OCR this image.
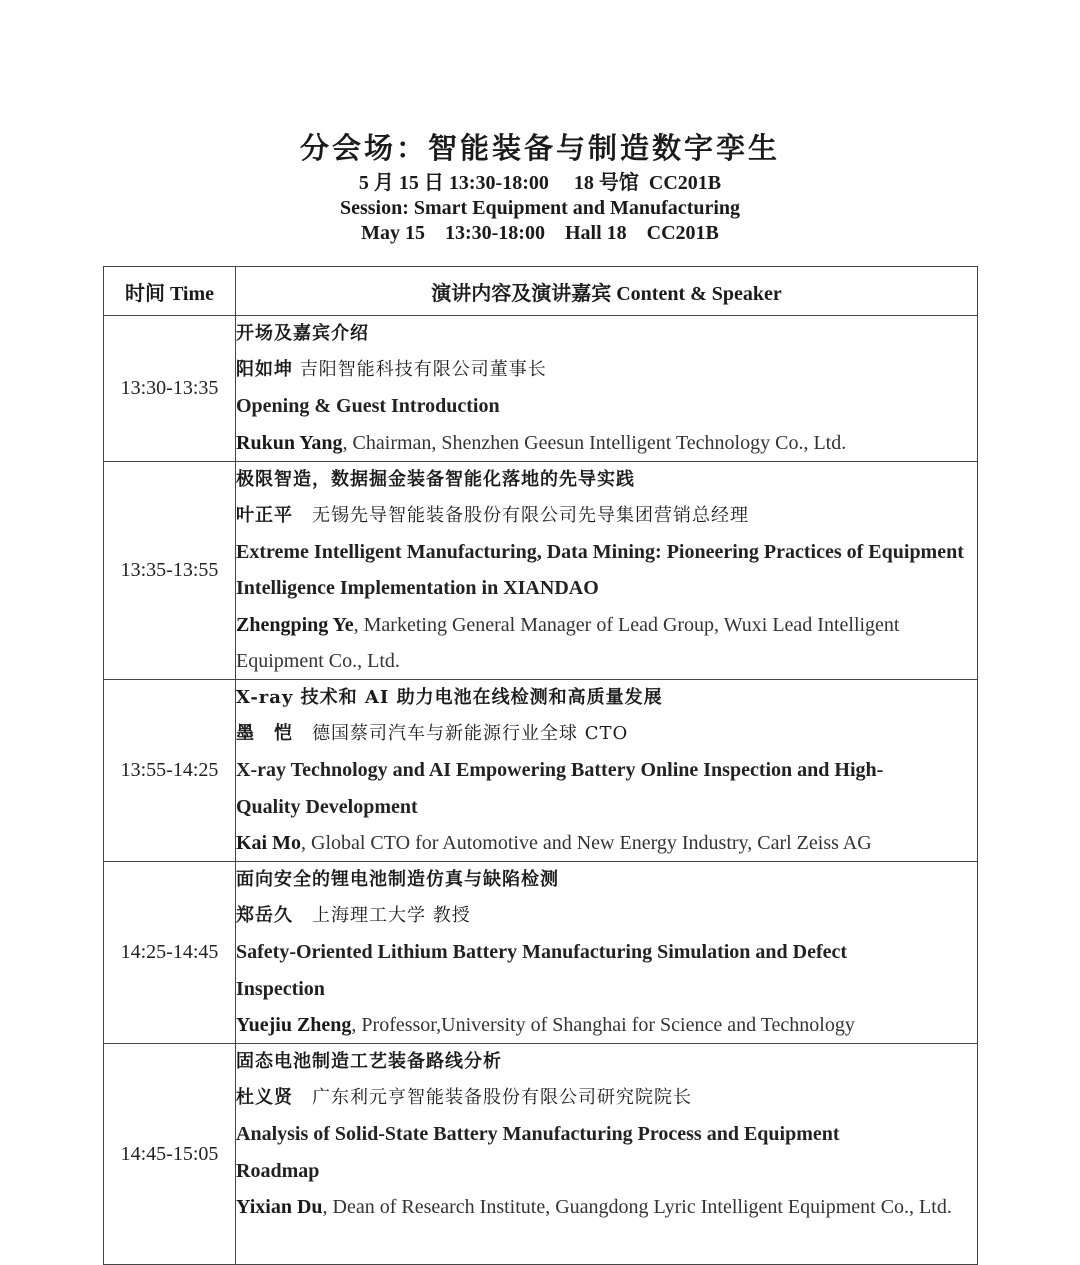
分会场：智能装备与制造数字孪生
5 月 15 日 13:30-18:00     18 号馆  CC201B
Session: Smart Equipment and Manufacturing
May 15    13:30-18:00    Hall 18    CC201B
时间 Time	演讲内容及演讲嘉宾 Content & Speaker
13:30-13:35	开场及嘉宾介绍
阳如坤 吉阳智能科技有限公司董事长
Opening & Guest Introduction
Rukun Yang, Chairman, Shenzhen Geesun Intelligent Technology Co., Ltd.

13:35-13:55	极限智造，数据掘金装备智能化落地的先导实践
叶正平　无锡先导智能装备股份有限公司先导集团营销总经理
Extreme Intelligent Manufacturing, Data Mining: Pioneering Practices of Equipment Intelligence Implementation in XIANDAO
Zhengping Ye, Marketing General Manager of Lead Group, Wuxi Lead Intelligent Equipment Co., Ltd.

13:55-14:25	X-ray 技术和 AI 助力电池在线检测和高质量发展
墨　恺　德国蔡司汽车与新能源行业全球 CTO
X-ray Technology and AI Empowering Battery Online Inspection and High-Quality Development
Kai Mo, Global CTO for Automotive and New Energy Industry, Carl Zeiss AG

14:25-14:45	面向安全的锂电池制造仿真与缺陷检测
郑岳久　上海理工大学 教授
Safety-Oriented Lithium Battery Manufacturing Simulation and Defect Inspection
Yuejiu Zheng, Professor,University of Shanghai for Science and Technology

14:45-15:05	固态电池制造工艺装备路线分析
杜义贤　广东利元亨智能装备股份有限公司研究院院长
Analysis of Solid-State Battery Manufacturing Process and Equipment Roadmap
Yixian Du, Dean of Research Institute, Guangdong Lyric Intelligent Equipment Co., Ltd.
